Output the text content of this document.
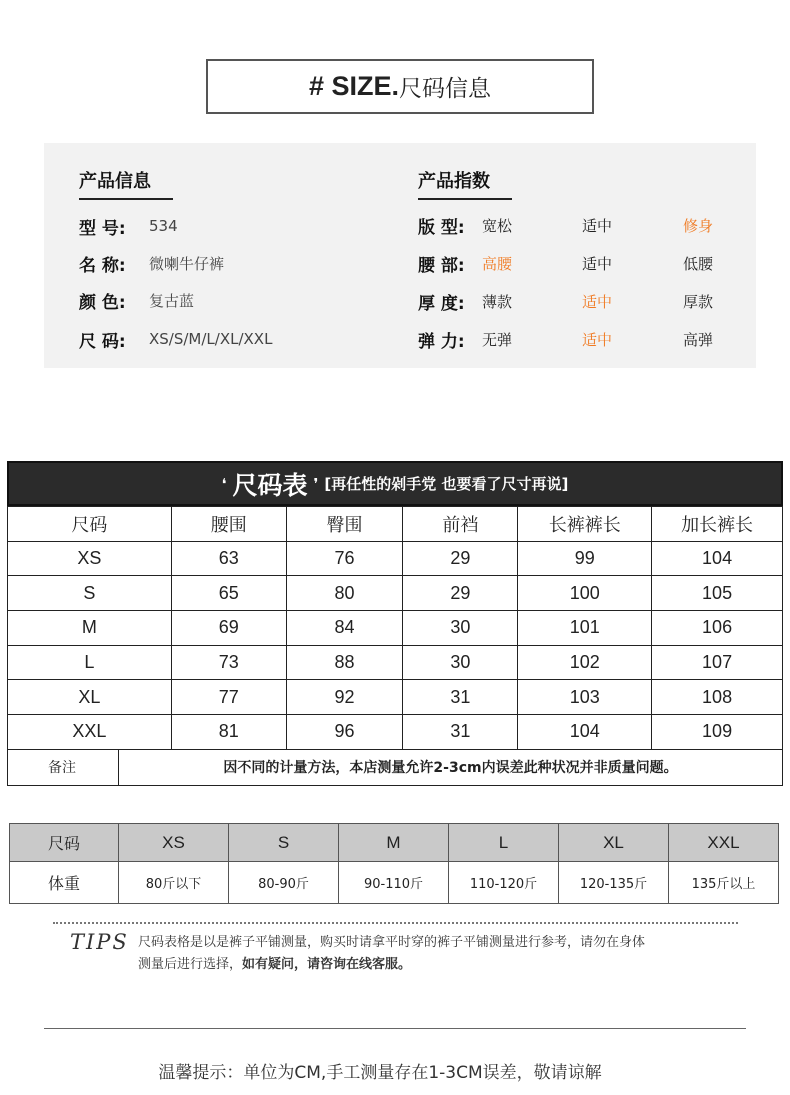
# SIZE. 尺码信息
产品信息	产品指数
型 号:	534
名 称:	微喇牛仔裤
颜 色:	复古蓝
尺 码:	XS/S/M/L/XL/XXL
版 型: 宽松	适中	修身
腰 部: 高腰	适中	低腰
厚 度: 薄款	适中	厚款
弹 力: 无弹	适中	高弹
❛ 尺码表 ❜ [再任性的剁手党 也要看了尺寸再说]
尺码	腰围	臀围	前裆	长裤裤长	加长裤长
XS	63	76	29	99	104
S	65	80	29	100	105
M	69	84	30	101	106
L	73	88	30	102	107
XL	77	92	31	103	108
XXL	81	96	31	104	109
备注	因不同的计量方法，本店测量允许2-3cm内误差此种状况并非质量问题。
尺码	XS	S	M	L	XL	XXL
体重	80斤以下	80-90斤	90-110斤	110-120斤	120-135斤	135斤以上
TIPS 尺码表格是以是裤子平铺测量，购买时请拿平时穿的裤子平铺测量进行参考，请勿在身体
测量后进行选择，如有疑问，请咨询在线客服。
温馨提示：单位为CM,手工测量存在1-3CM误差，敬请谅解
